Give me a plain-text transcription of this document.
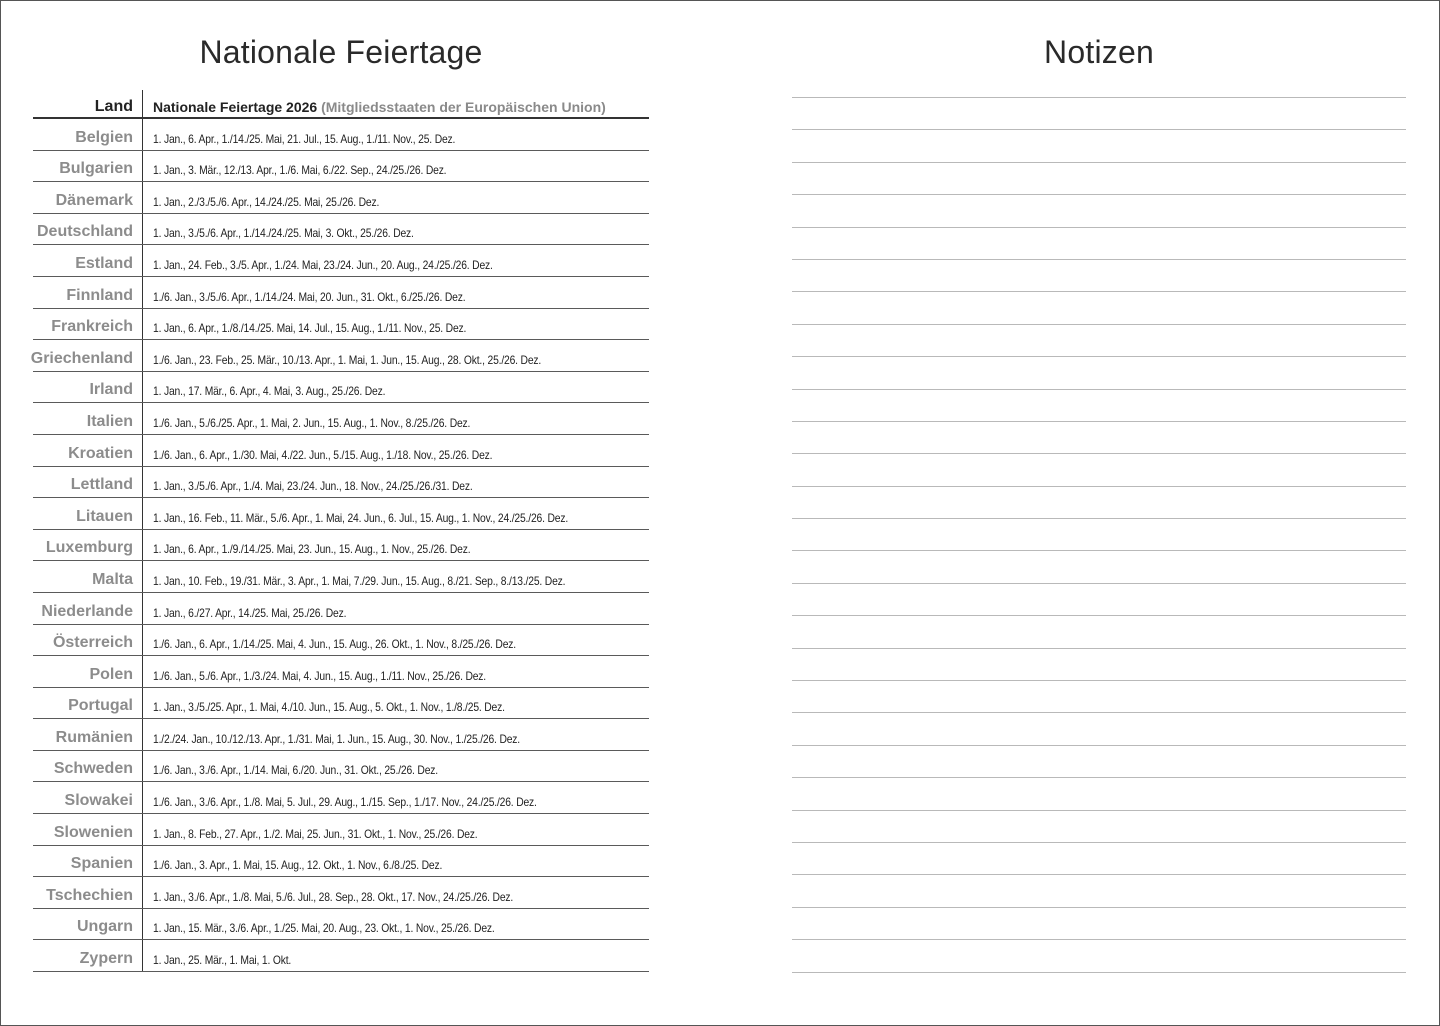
Nationale Feiertage
Land	Nationale Feiertage 2026 (Mitgliedsstaaten der Europäischen Union)
Belgien	1. Jan., 6. Apr., 1./14./25. Mai, 21. Jul., 15. Aug., 1./11. Nov., 25. Dez.
Bulgarien	1. Jan., 3. Mär., 12./13. Apr., 1./6. Mai, 6./22. Sep., 24./25./26. Dez.
Dänemark	1. Jan., 2./3./5./6. Apr., 14./24./25. Mai, 25./26. Dez.
Deutschland	1. Jan., 3./5./6. Apr., 1./14./24./25. Mai, 3. Okt., 25./26. Dez.
Estland	1. Jan., 24. Feb., 3./5. Apr., 1./24. Mai, 23./24. Jun., 20. Aug., 24./25./26. Dez.
Finnland	1./6. Jan., 3./5./6. Apr., 1./14./24. Mai, 20. Jun., 31. Okt., 6./25./26. Dez.
Frankreich	1. Jan., 6. Apr., 1./8./14./25. Mai, 14. Jul., 15. Aug., 1./11. Nov., 25. Dez.
Griechenland	1./6. Jan., 23. Feb., 25. Mär., 10./13. Apr., 1. Mai, 1. Jun., 15. Aug., 28. Okt., 25./26. Dez.
Irland	1. Jan., 17. Mär., 6. Apr., 4. Mai, 3. Aug., 25./26. Dez.
Italien	1./6. Jan., 5./6./25. Apr., 1. Mai, 2. Jun., 15. Aug., 1. Nov., 8./25./26. Dez.
Kroatien	1./6. Jan., 6. Apr., 1./30. Mai, 4./22. Jun., 5./15. Aug., 1./18. Nov., 25./26. Dez.
Lettland	1. Jan., 3./5./6. Apr., 1./4. Mai, 23./24. Jun., 18. Nov., 24./25./26./31. Dez.
Litauen	1. Jan., 16. Feb., 11. Mär., 5./6. Apr., 1. Mai, 24. Jun., 6. Jul., 15. Aug., 1. Nov., 24./25./26. Dez.
Luxemburg	1. Jan., 6. Apr., 1./9./14./25. Mai, 23. Jun., 15. Aug., 1. Nov., 25./26. Dez.
Malta	1. Jan., 10. Feb., 19./31. Mär., 3. Apr., 1. Mai, 7./29. Jun., 15. Aug., 8./21. Sep., 8./13./25. Dez.
Niederlande	1. Jan., 6./27. Apr., 14./25. Mai, 25./26. Dez.
Österreich	1./6. Jan., 6. Apr., 1./14./25. Mai, 4. Jun., 15. Aug., 26. Okt., 1. Nov., 8./25./26. Dez.
Polen	1./6. Jan., 5./6. Apr., 1./3./24. Mai, 4. Jun., 15. Aug., 1./11. Nov., 25./26. Dez.
Portugal	1. Jan., 3./5./25. Apr., 1. Mai, 4./10. Jun., 15. Aug., 5. Okt., 1. Nov., 1./8./25. Dez.
Rumänien	1./2./24. Jan., 10./12./13. Apr., 1./31. Mai, 1. Jun., 15. Aug., 30. Nov., 1./25./26. Dez.
Schweden	1./6. Jan., 3./6. Apr., 1./14. Mai, 6./20. Jun., 31. Okt., 25./26. Dez.
Slowakei	1./6. Jan., 3./6. Apr., 1./8. Mai, 5. Jul., 29. Aug., 1./15. Sep., 1./17. Nov., 24./25./26. Dez.
Slowenien	1. Jan., 8. Feb., 27. Apr., 1./2. Mai, 25. Jun., 31. Okt., 1. Nov., 25./26. Dez.
Spanien	1./6. Jan., 3. Apr., 1. Mai, 15. Aug., 12. Okt., 1. Nov., 6./8./25. Dez.
Tschechien	1. Jan., 3./6. Apr., 1./8. Mai, 5./6. Jul., 28. Sep., 28. Okt., 17. Nov., 24./25./26. Dez.
Ungarn	1. Jan., 15. Mär., 3./6. Apr., 1./25. Mai, 20. Aug., 23. Okt., 1. Nov., 25./26. Dez.
Zypern	1. Jan., 25. Mär., 1. Mai, 1. Okt.
Notizen
